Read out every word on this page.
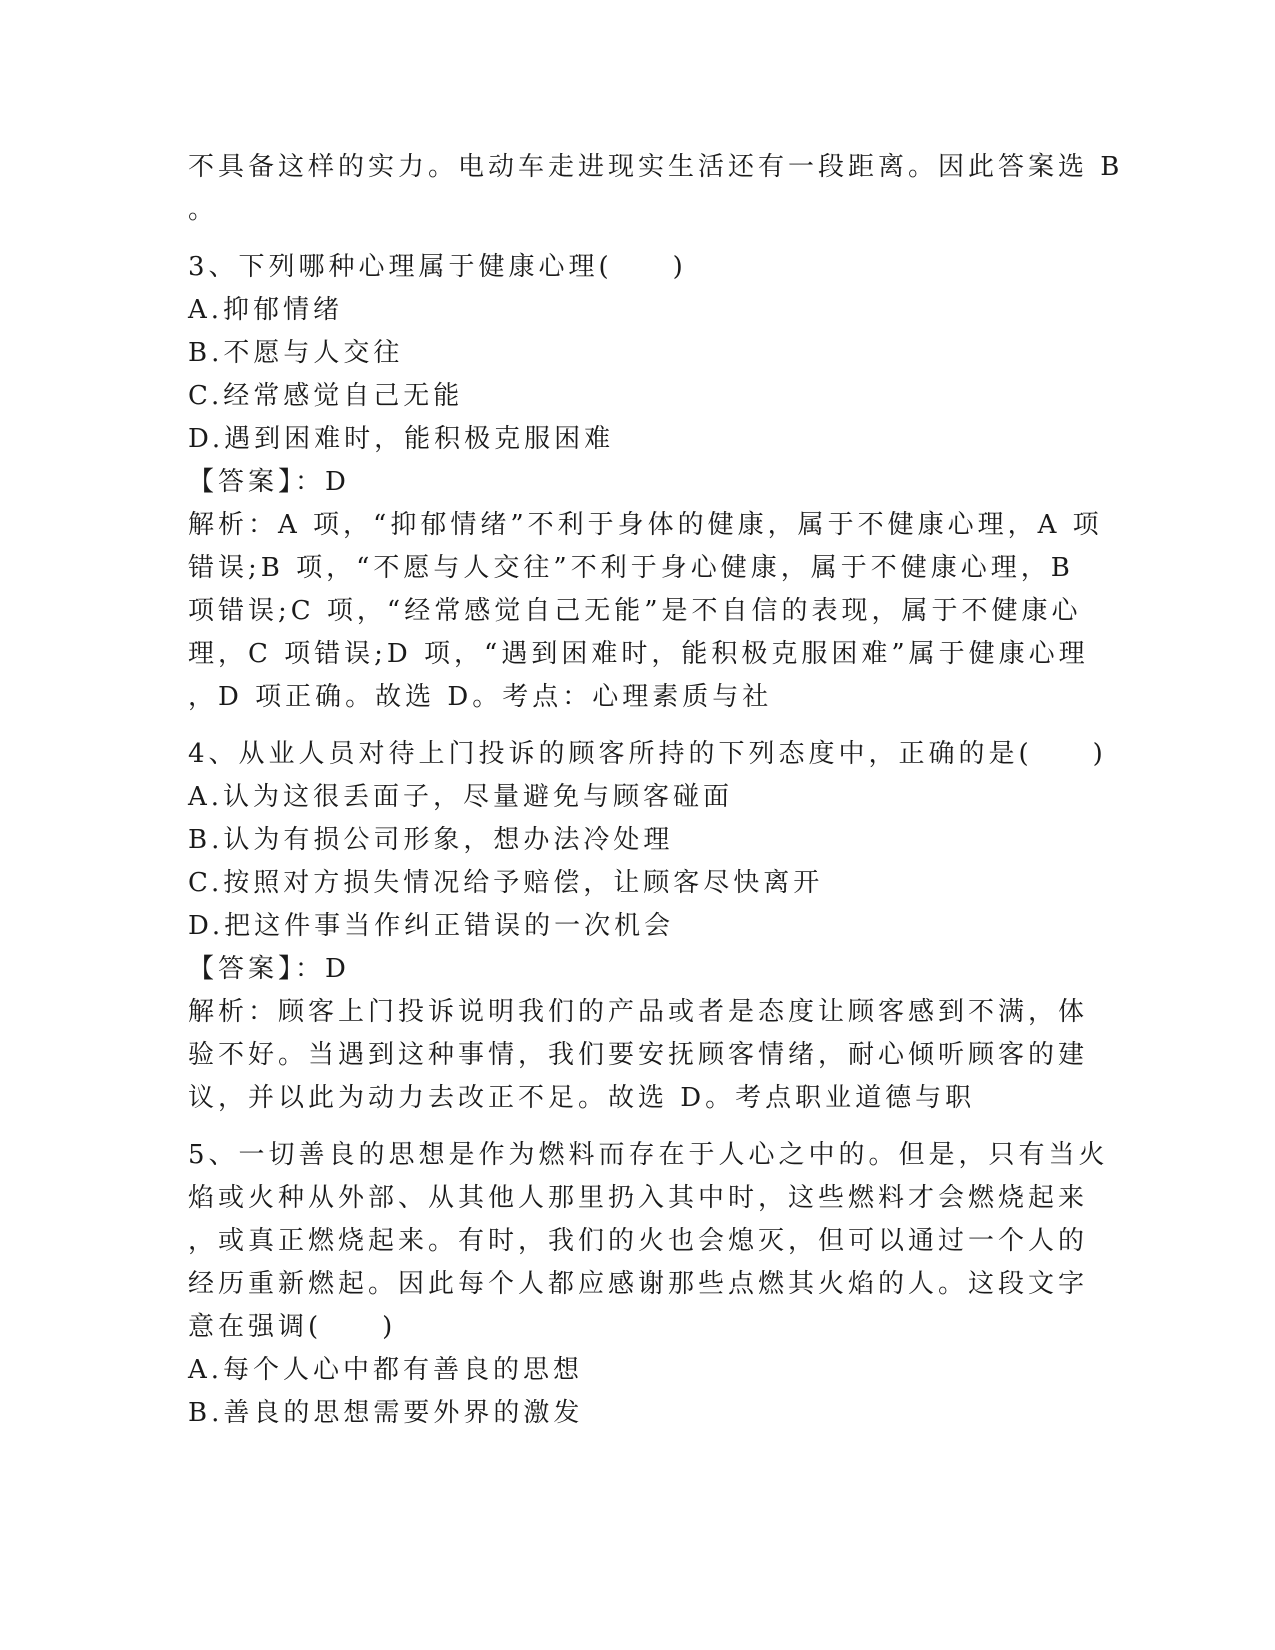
不具备这样的实力。电动车走进现实生活还有一段距离。因此答案选 B
。
3、下列哪种心理属于健康心理(　　)
A.抑郁情绪
B.不愿与人交往
C.经常感觉自己无能
D.遇到困难时，能积极克服困难
【答案】：D
解析：A 项，“抑郁情绪”不利于身体的健康，属于不健康心理，A 项
错误;B 项，“不愿与人交往”不利于身心健康，属于不健康心理，B
项错误;C 项，“经常感觉自己无能”是不自信的表现，属于不健康心
理，C 项错误;D 项，“遇到困难时，能积极克服困难”属于健康心理
，D 项正确。故选 D。考点：心理素质与社
4、从业人员对待上门投诉的顾客所持的下列态度中，正确的是(　　)
A.认为这很丢面子，尽量避免与顾客碰面
B.认为有损公司形象，想办法冷处理
C.按照对方损失情况给予赔偿，让顾客尽快离开
D.把这件事当作纠正错误的一次机会
【答案】：D
解析：顾客上门投诉说明我们的产品或者是态度让顾客感到不满，体
验不好。当遇到这种事情，我们要安抚顾客情绪，耐心倾听顾客的建
议，并以此为动力去改正不足。故选 D。考点职业道德与职
5、一切善良的思想是作为燃料而存在于人心之中的。但是，只有当火
焰或火种从外部、从其他人那里扔入其中时，这些燃料才会燃烧起来
，或真正燃烧起来。有时，我们的火也会熄灭，但可以通过一个人的
经历重新燃起。因此每个人都应感谢那些点燃其火焰的人。这段文字
意在强调(　　)
A.每个人心中都有善良的思想
B.善良的思想需要外界的激发
